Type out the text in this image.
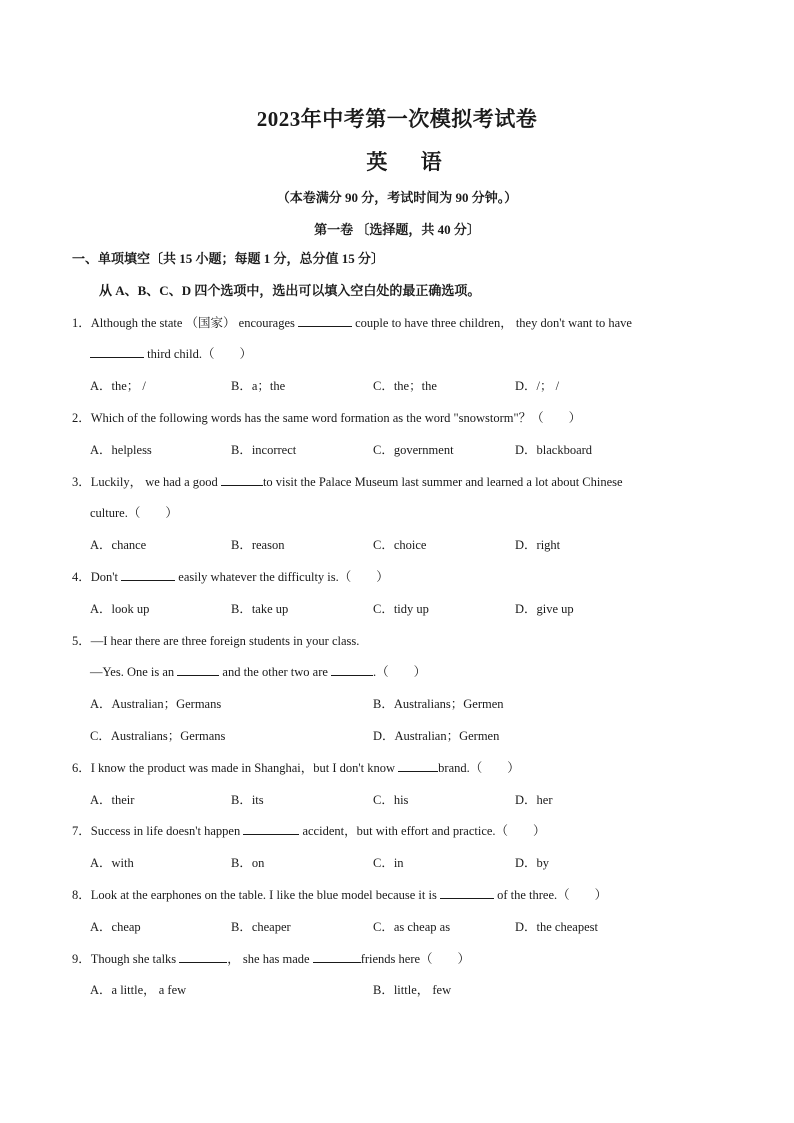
2023年中考第一次模拟考试卷
英 语
（本卷满分 90 分，考试时间为 90 分钟。）
第一卷 〔选择题，共 40 分〕
一、单项填空〔共 15 小题；每题 1 分，总分值 15 分〕
从 A、B、C、D 四个选项中，选出可以填入空白处的最正确选项。
1．Although the state （国家） encourages	couple to have three children， they don't want to have
third child.（　　）
A．the； /	B．a；the	C．the；the	D．/； /
2．Which of the following words has the same word formation as the word "snowstorm"？（　　）
A．helpless	B．incorrect	C．government	D．blackboard
3．Luckily， we had a good	to visit the Palace Museum last summer and learned a lot about Chinese
culture.（　　）
A．chance	B．reason	C．choice	D．right
4．Don't	easily whatever the difficulty is.（　　）
A．look up	B．take up	C．tidy up	D．give up
5．—I hear there are three foreign students in your class.
—Yes. One is an	and the other two are	.（　　）
A．Australian；Germans	B．Australians；Germen
C．Australians；Germans	D．Australian；Germen
6．I know the product was made in Shanghai，but I don't know	brand.（　　）
A．their	B．its	C．his	D．her
7．Success in life doesn't happen	accident，but with effort and practice.（　　）
A．with	B．on	C．in	D．by
8．Look at the earphones on the table. I like the blue model because it is	of the three.（　　）
A．cheap	B．cheaper	C．as cheap as	D．the cheapest
9．Though she talks	， she has made	friends here（　　）
A．a little， a few	B．little， few
